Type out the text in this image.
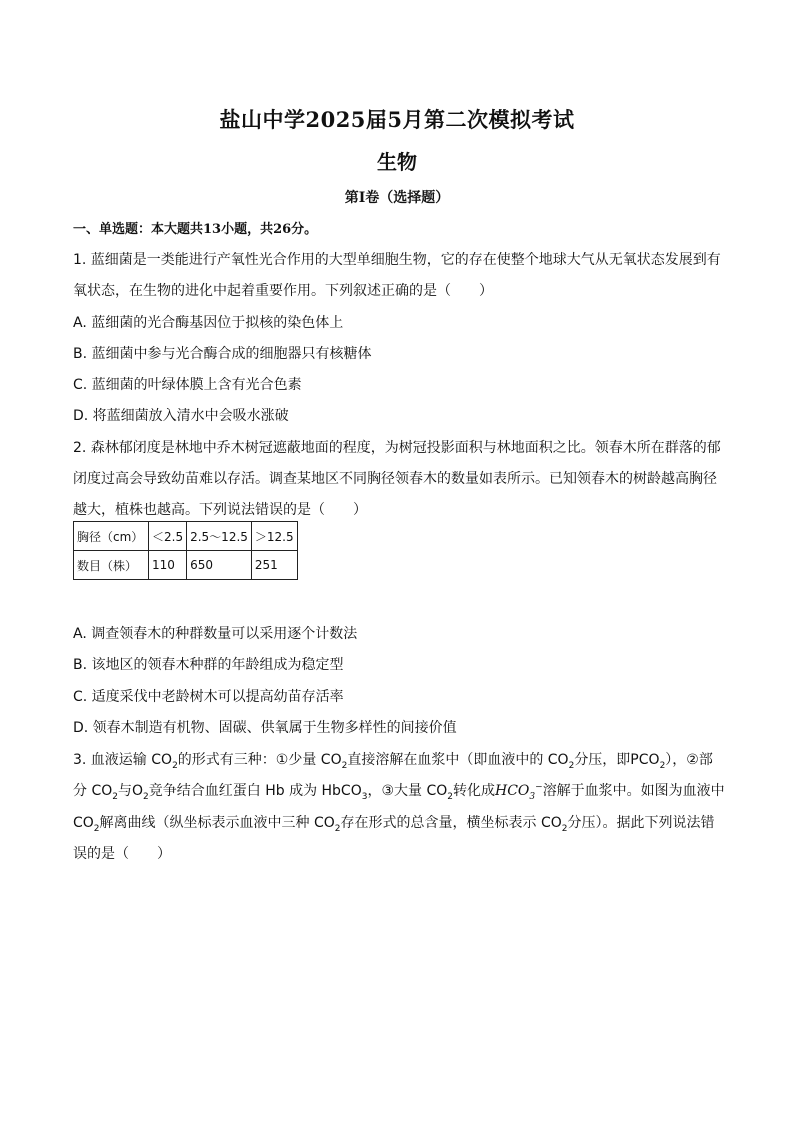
盐山中学2025届5月第二次模拟考试
生物
第I卷（选择题）
一、单选题：本大题共13小题，共26分。
1. 蓝细菌是一类能进行产氧性光合作用的大型单细胞生物，它的存在使整个地球大气从无氧状态发展到有
氧状态，在生物的进化中起着重要作用。下列叙述正确的是（　　）
A. 蓝细菌的光合酶基因位于拟核的染色体上
B. 蓝细菌中参与光合酶合成的细胞器只有核糖体
C. 蓝细菌的叶绿体膜上含有光合色素
D. 将蓝细菌放入清水中会吸水涨破
2. 森林郁闭度是林地中乔木树冠遮蔽地面的程度，为树冠投影面积与林地面积之比。领春木所在群落的郁
闭度过高会导致幼苗难以存活。调查某地区不同胸径领春木的数量如表所示。已知领春木的树龄越高胸径
越大，植株也越高。下列说法错误的是（　　）
胸径（cm）	＜2.5	2.5～12.5	＞12.5
数目（株）	110	650	251
A. 调查领春木的种群数量可以采用逐个计数法
B. 该地区的领春木种群的年龄组成为稳定型
C. 适度采伐中老龄树木可以提高幼苗存活率
D. 领春木制造有机物、固碳、供氧属于生物多样性的间接价值
3. 血液运输 $CO_2$的形式有三种：①少量 $CO_2$直接溶解在血浆中（即血液中的 $CO_2$分压，即$PCO_2$），②部
分 $CO_2$与$O_2$竞争结合血红蛋白 Hb 成为 HbCO$_3$，③大量 $CO_2$转化成$HCO_3^-$溶解于血浆中。如图为血液中
$CO_2$解离曲线（纵坐标表示血液中三种 $CO_2$存在形式的总含量，横坐标表示 $CO_2$分压）。据此下列说法错
误的是（　　）
